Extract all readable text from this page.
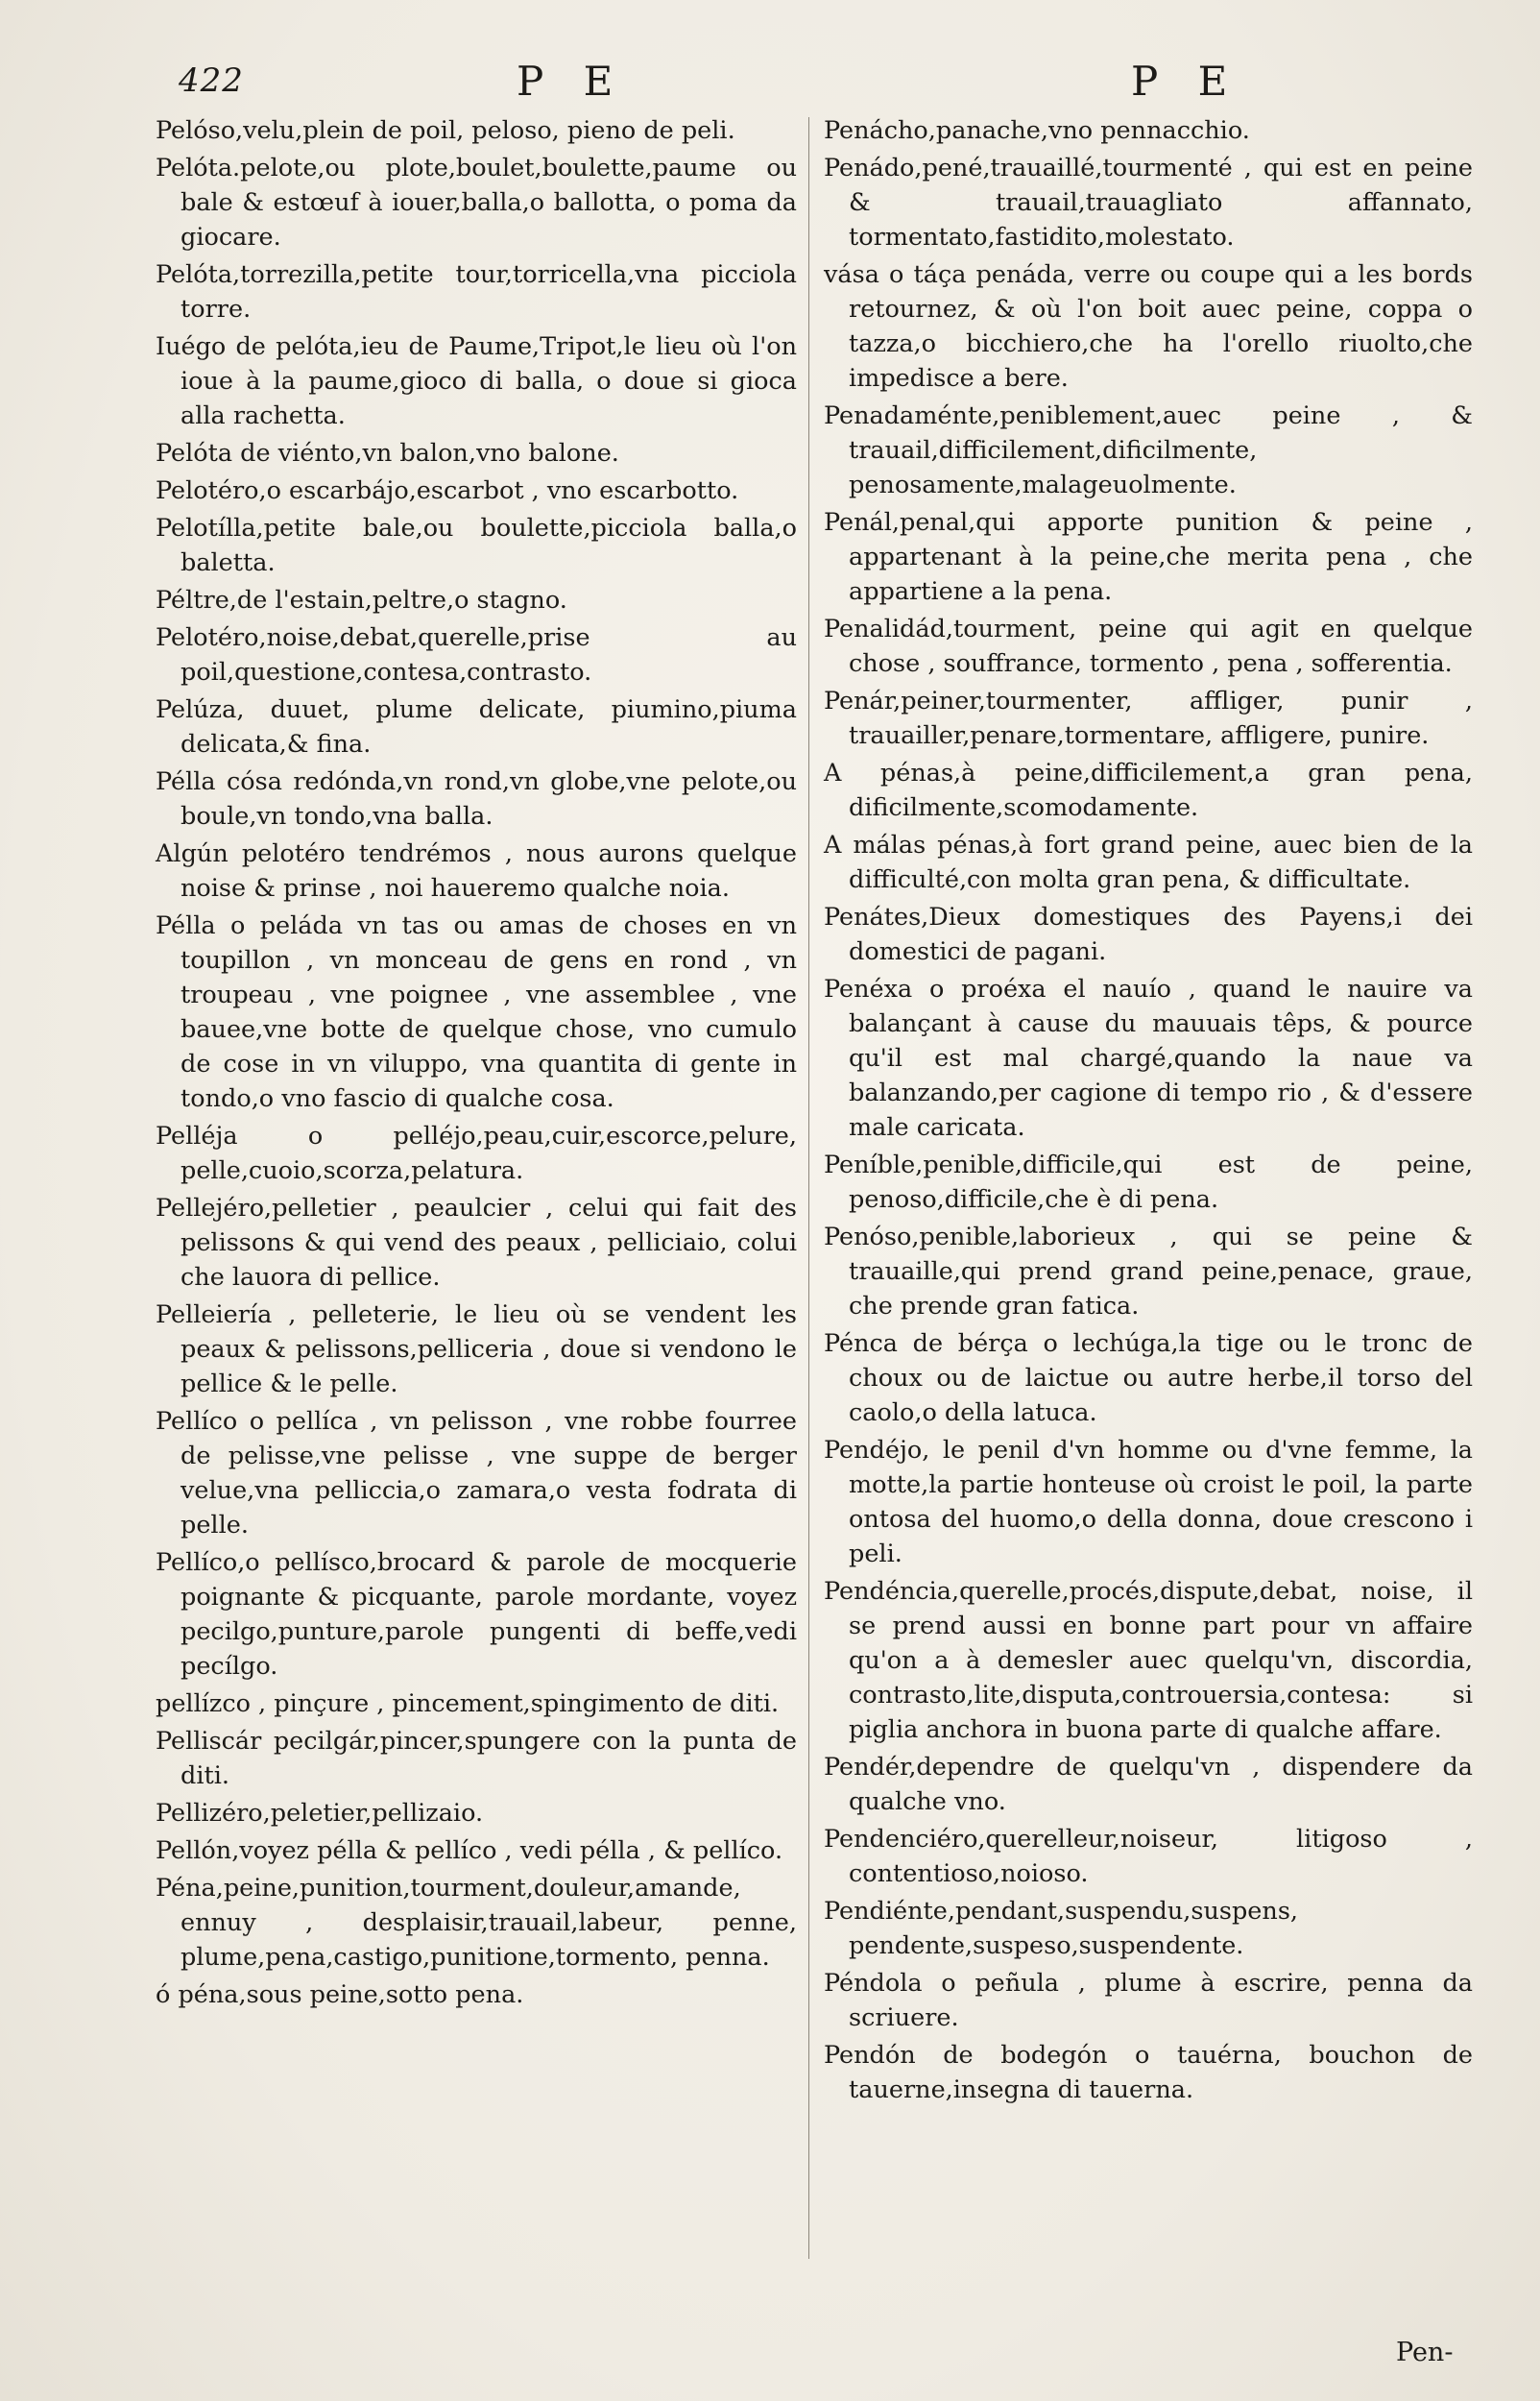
422	P E	P E

Pelóso,velu,plein de poil, peloso, pieno de peli.

Pelóta.pelote,ou plote,boulet,boulette,paume ou bale & estœuf à iouer,balla,o ballotta, o poma da giocare.

Pelóta,torrezilla,petite tour,torricella,vna picciola torre.

Iuégo de pelóta,ieu de Paume,Tripot,le lieu où l'on ioue à la paume,gioco di balla, o doue si gioca alla rachetta.

Pelóta de viénto,vn balon,vno balone.

Pelotéro,o escarbájo,escarbot , vno escarbotto.

Pelotílla,petite bale,ou boulette,picciola balla,o baletta.

Péltre,de l'estain,peltre,o stagno.

Pelotéro,noise,debat,querelle,prise au poil,questione,contesa,contrasto.

Pelúza, duuet, plume delicate, piumino,piuma delicata,& fina.

Pélla cósa redónda,vn rond,vn globe,vne pelote,ou boule,vn tondo,vna balla.

Algún pelotéro tendrémos , nous aurons quelque noise & prinse , noi haueremo qualche noia.

Pélla o peláda vn tas ou amas de choses en vn toupillon , vn monceau de gens en rond , vn troupeau , vne poignee , vne assemblee , vne bauee,vne botte de quelque chose, vno cumulo de cose in vn viluppo, vna quantita di gente in tondo,o vno fascio di qualche cosa.

Pelléja o pelléjo,peau,cuir,escorce,pelure, pelle,cuoio,scorza,pelatura.

Pellejéro,pelletier , peaulcier , celui qui fait des pelissons & qui vend des peaux , pelliciaio, colui che lauora di pellice.

Pelleiería , pelleterie, le lieu où se vendent les peaux & pelissons,pelliceria , doue si vendono le pellice & le pelle.

Pellíco o pellíca , vn pelisson , vne robbe fourree de pelisse,vne pelisse , vne suppe de berger velue,vna pelliccia,o zamara,o vesta fodrata di pelle.

Pellíco,o pellísco,brocard & parole de mocquerie poignante & picquante, parole mordante, voyez pecilgo,punture,parole pungenti di beffe,vedi pecílgo.

pellízco , pinçure , pincement,spingimento de diti.

Pelliscár pecilgár,pincer,spungere con la punta de diti.

Pellizéro,peletier,pellizaio.

Pellón,voyez pélla & pellíco , vedi pélla , & pellíco.

Péna,peine,punition,tourment,douleur,amande, ennuy , desplaisir,trauail,labeur, penne, plume,pena,castigo,punitione,tormento, penna.

ó péna,sous peine,sotto pena.

Penácho,panache,vno pennacchio.

Penádo,pené,trauaillé,tourmenté , qui est en peine & trauail,trauagliato affannato, tormentato,fastidito,molestato.

vása o táça penáda, verre ou coupe qui a les bords retournez, & où l'on boit auec peine, coppa o tazza,o bicchiero,che ha l'orello riuolto,che impedisce a bere.

Penadaménte,peniblement,auec peine , & trauail,difficilement,dificilmente, penosamente,malageuolmente.

Penál,penal,qui apporte punition & peine , appartenant à la peine,che merita pena , che appartiene a la pena.

Penalidád,tourment, peine qui agit en quelque chose , souffrance, tormento , pena , sofferentia.

Penár,peiner,tourmenter, affliger, punir , trauailler,penare,tormentare, affligere, punire.

A pénas,à peine,difficilement,a gran pena, dificilmente,scomodamente.

A málas pénas,à fort grand peine, auec bien de la difficulté,con molta gran pena, & difficultate.

Penátes,Dieux domestiques des Payens,i dei domestici de pagani.

Penéxa o proéxa el nauío , quand le nauire va balançant à cause du mauuais têps, & pource qu'il est mal chargé,quando la naue va balanzando,per cagione di tempo rio , & d'essere male caricata.

Peníble,penible,difficile,qui est de peine, penoso,difficile,che è di pena.

Penóso,penible,laborieux , qui se peine & trauaille,qui prend grand peine,penace, graue, che prende gran fatica.

Pénca de bérça o lechúga,la tige ou le tronc de choux ou de laictue ou autre herbe,il torso del caolo,o della latuca.

Pendéjo, le penil d'vn homme ou d'vne femme, la motte,la partie honteuse où croist le poil, la parte ontosa del huomo,o della donna, doue crescono i peli.

Pendéncia,querelle,procés,dispute,debat, noise, il se prend aussi en bonne part pour vn affaire qu'on a à demesler auec quelqu'vn, discordia, contrasto,lite,disputa,controuersia,contesa: si piglia anchora in buona parte di qualche affare.

Pendér,dependre de quelqu'vn , dispendere da qualche vno.

Pendenciéro,querelleur,noiseur, litigoso , contentioso,noioso.

Pendiénte,pendant,suspendu,suspens, pendente,suspeso,suspendente.

Péndola o peñula , plume à escrire, penna da scriuere.

Pendón de bodegón o tauérna, bouchon de tauerne,insegna di tauerna.

Pen-
